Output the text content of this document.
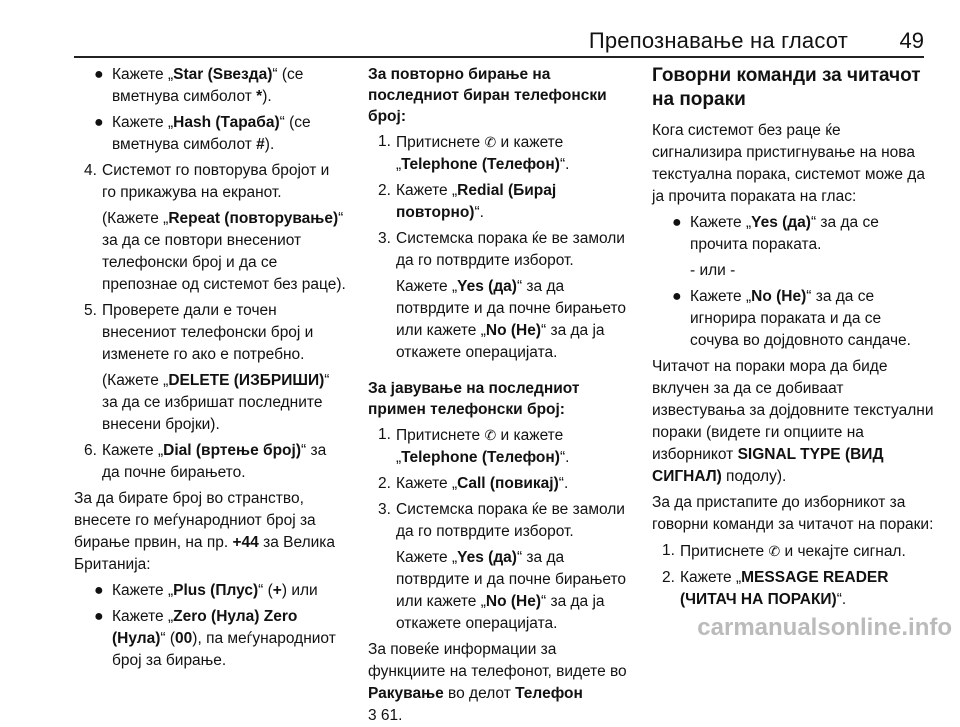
Препознавање на гласот 49
● Кажете „Star (Ѕвезда)“ (се вметнува симболот *).
● Кажете „Hash (Тараба)“ (се вметнува симболот #).
4. Системот го повторува бројот и го прикажува на екранот.
(Кажете „Repeat (повторување)“ за да се повтори внесениот телефонски број и да се препознае од системот без раце).
5. Проверете дали е точен внесениот телефонски број и изменете го ако е потребно.
(Кажете „DELETE (ИЗБРИШИ)“ за да се избришат последните внесени бројки).
6. Кажете „Dial (вртење број)“ за да почне бирањето.
За да бирате број во странство, внесете го меѓународниот број за бирање првин, на пр. +44 за Велика Британија:
● Кажете „Plus (Плус)“ (+) или
● Кажете „Zero (Нула) Zero (Нула)“ (00), па меѓународниот број за бирање.
За повторно бирање на последниот биран телефонски број:
1. Притиснете ✆ и кажете „Telephone (Телефон)“.
2. Кажете „Redial (Бирај повторно)“.
3. Системска порака ќе ве замоли да го потврдите изборот.
Кажете „Yes (да)“ за да потврдите и да почне бирањето или кажете „No (Не)“ за да ја откажете операцијата.
За јавување на последниот примен телефонски број:
1. Притиснете ✆ и кажете „Telephone (Телефон)“.
2. Кажете „Call (повикај)“.
3. Системска порака ќе ве замоли да го потврдите изборот.
Кажете „Yes (да)“ за да потврдите и да почне бирањето или кажете „No (Не)“ за да ја откажете операцијата.
За повеќе информации за функциите на телефонот, видете во Ракување во делот Телефон
3 61.
Говорни команди за читачот на пораки
Кога системот без раце ќе сигнализира пристигнување на нова текстуална порака, системот може да ја прочита пораката на глас:
● Кажете „Yes (да)“ за да се прочита пораката.
- или -
● Кажете „No (Не)“ за да се игнорира пораката и да се сочува во дојдовното сандаче.
Читачот на пораки мора да биде вклучен за да се добиваат известувања за дојдовните текстуални пораки (видете ги опциите на изборникот SIGNAL TYPE (ВИД СИГНАЛ) подолу).
За да пристапите до изборникот за говорни команди за читачот на пораки:
1. Притиснете ✆ и чекајте сигнал.
2. Кажете „MESSAGE READER (ЧИТАЧ НА ПОРАКИ)“.
carmanualsonline.info
